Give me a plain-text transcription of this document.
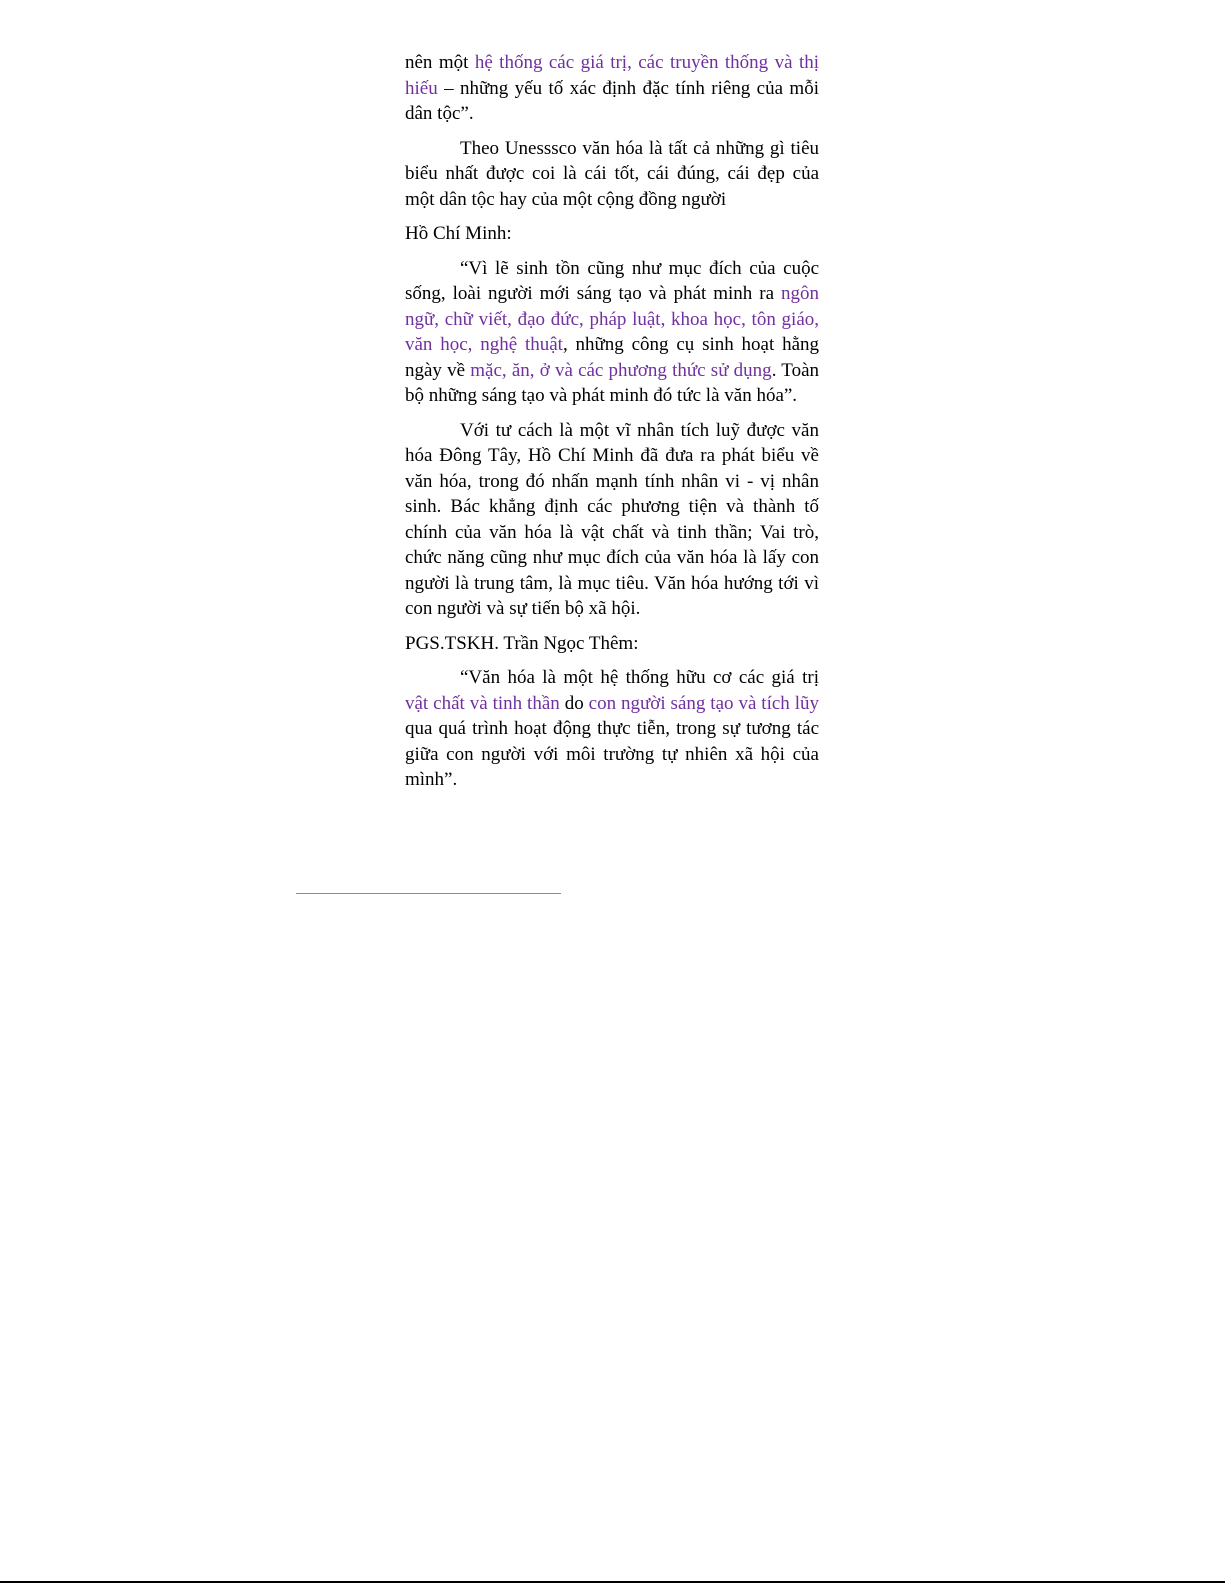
nên một hệ thống các giá trị, các truyền thống và thị hiếu – những yếu tố xác định đặc tính riêng của mỗi dân tộc”.

Theo Unesssco văn hóa là tất cả những gì tiêu biểu nhất được coi là cái tốt, cái đúng, cái đẹp của một dân tộc hay của một cộng đồng người

Hồ Chí Minh:

“Vì lẽ sinh tồn cũng như mục đích của cuộc sống, loài người mới sáng tạo và phát minh ra ngôn ngữ, chữ viết, đạo đức, pháp luật, khoa học, tôn giáo, văn học, nghệ thuật, những công cụ sinh hoạt hằng ngày về mặc, ăn, ở và các phương thức sử dụng. Toàn bộ những sáng tạo và phát minh đó tức là văn hóa”.

Với tư cách là một vĩ nhân tích luỹ được văn hóa Đông Tây, Hồ Chí Minh đã đưa ra phát biểu về văn hóa, trong đó nhấn mạnh tính nhân vi - vị nhân sinh. Bác khẳng định các phương tiện và thành tố chính của văn hóa là vật chất và tinh thần; Vai trò, chức năng cũng như mục đích của văn hóa là lấy con người là trung tâm, là mục tiêu. Văn hóa hướng tới vì con người và sự tiến bộ xã hội.

PGS.TSKH. Trần Ngọc Thêm:

“Văn hóa là một hệ thống hữu cơ các giá trị vật chất và tinh thần do con người sáng tạo và tích lũy qua quá trình hoạt động thực tiễn, trong sự tương tác giữa con người với môi trường tự nhiên xã hội của mình”.
